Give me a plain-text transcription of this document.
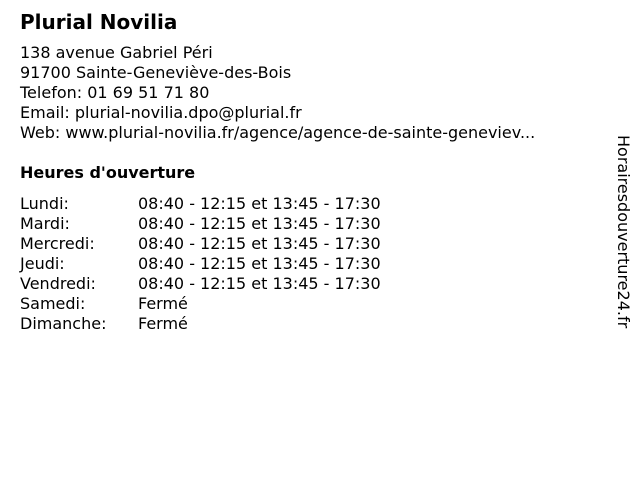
Plurial Novilia
138 avenue Gabriel Péri
91700 Sainte-Geneviève-des-Bois
Telefon: 01 69 51 71 80
Email: plurial-novilia.dpo@plurial.fr
Web: www.plurial-novilia.fr/agence/agence-de-sainte-geneviev...
Heures d'ouverture
Lundi:	08:40 - 12:15 et 13:45 - 17:30
Mardi:	08:40 - 12:15 et 13:45 - 17:30
Mercredi:	08:40 - 12:15 et 13:45 - 17:30
Jeudi:	08:40 - 12:15 et 13:45 - 17:30
Vendredi:	08:40 - 12:15 et 13:45 - 17:30
Samedi:	Fermé
Dimanche:	Fermé	Horairesdouverture24.fr
